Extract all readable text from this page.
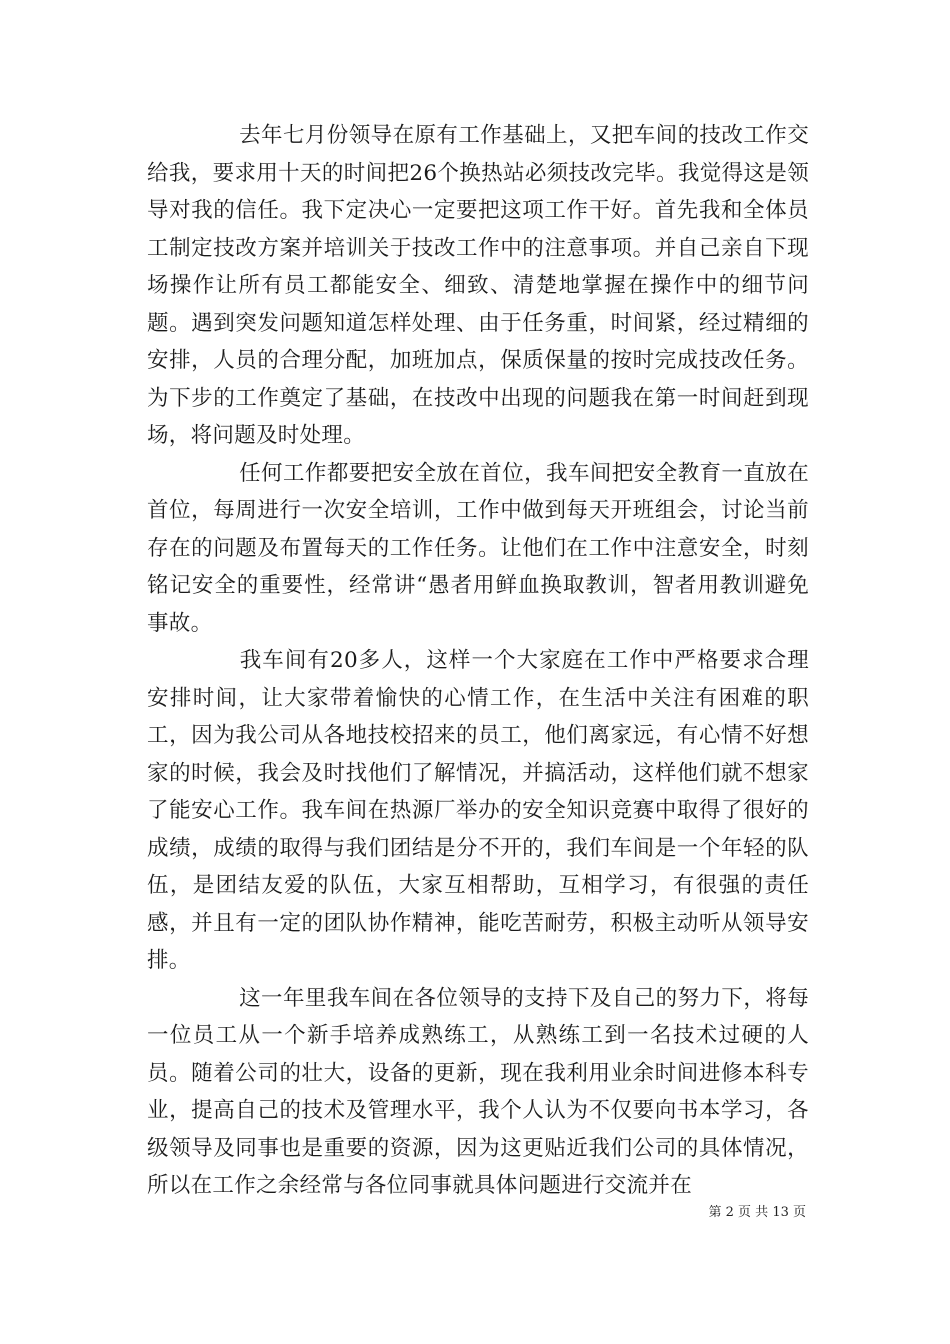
去年七月份领导在原有工作基础上，又把车间的技改工作交给我，要求用十天的时间把26个换热站必须技改完毕。我觉得这是领导对我的信任。我下定决心一定要把这项工作干好。首先我和全体员工制定技改方案并培训关于技改工作中的注意事项。并自己亲自下现场操作让所有员工都能安全、细致、清楚地掌握在操作中的细节问题。遇到突发问题知道怎样处理、由于任务重，时间紧，经过精细的安排，人员的合理分配，加班加点，保质保量的按时完成技改任务。为下步的工作奠定了基础，在技改中出现的问题我在第一时间赶到现场，将问题及时处理。

任何工作都要把安全放在首位，我车间把安全教育一直放在首位，每周进行一次安全培训，工作中做到每天开班组会，讨论当前存在的问题及布置每天的工作任务。让他们在工作中注意安全，时刻铭记安全的重要性，经常讲“愚者用鲜血换取教训，智者用教训避免事故。

我车间有20多人，这样一个大家庭在工作中严格要求合理安排时间，让大家带着愉快的心情工作，在生活中关注有困难的职工，因为我公司从各地技校招来的员工，他们离家远，有心情不好想家的时候，我会及时找他们了解情况，并搞活动，这样他们就不想家了能安心工作。我车间在热源厂举办的安全知识竞赛中取得了很好的成绩，成绩的取得与我们团结是分不开的，我们车间是一个年轻的队伍，是团结友爱的队伍，大家互相帮助，互相学习，有很强的责任感，并且有一定的团队协作精神，能吃苦耐劳，积极主动听从领导安排。

这一年里我车间在各位领导的支持下及自己的努力下，将每一位员工从一个新手培养成熟练工，从熟练工到一名技术过硬的人员。随着公司的壮大，设备的更新，现在我利用业余时间进修本科专业，提高自己的技术及管理水平，我个人认为不仅要向书本学习，各级领导及同事也是重要的资源，因为这更贴近我们公司的具体情况，所以在工作之余经常与各位同事就具体问题进行交流并在

第 2 页 共 13 页
